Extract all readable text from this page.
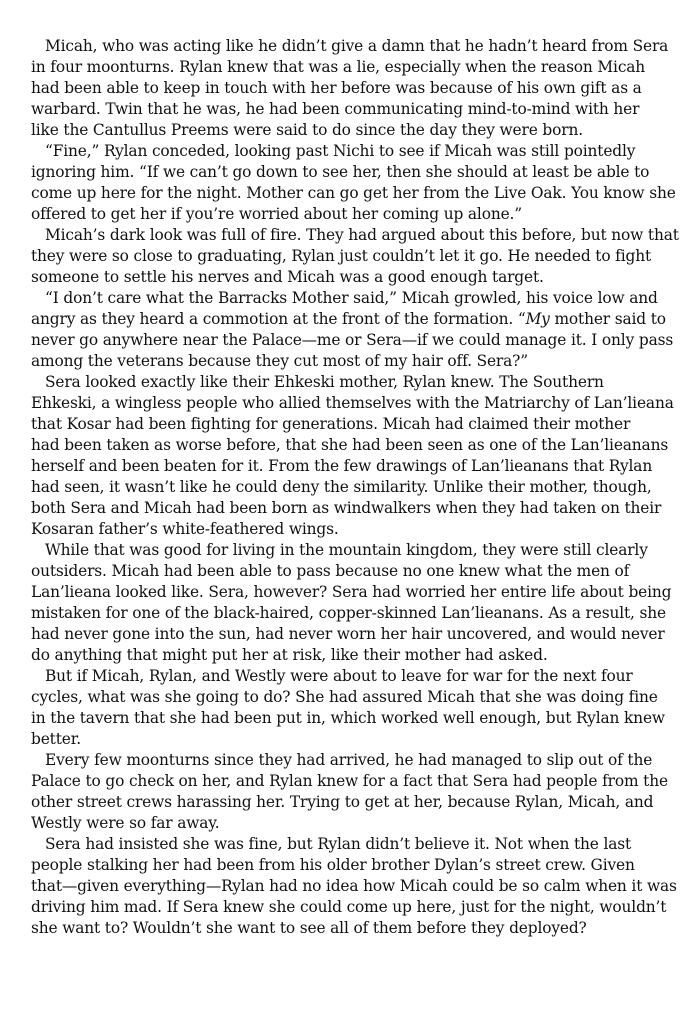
Micah, who was acting like he didn’t give a damn that he hadn’t heard from Sera
in four moonturns. Rylan knew that was a lie, especially when the reason Micah
had been able to keep in touch with her before was because of his own gift as a
warbard. Twin that he was, he had been communicating mind-to-mind with her
like the Cantullus Preems were said to do since the day they were born.

“Fine,” Rylan conceded, looking past Nichi to see if Micah was still pointedly
ignoring him. “If we can’t go down to see her, then she should at least be able to
come up here for the night. Mother can go get her from the Live Oak. You know she
offered to get her if you’re worried about her coming up alone.”

Micah’s dark look was full of fire. They had argued about this before, but now that
they were so close to graduating, Rylan just couldn’t let it go. He needed to fight
someone to settle his nerves and Micah was a good enough target.

“I don’t care what the Barracks Mother said,” Micah growled, his voice low and
angry as they heard a commotion at the front of the formation. “My mother said to
never go anywhere near the Palace—me or Sera—if we could manage it. I only pass
among the veterans because they cut most of my hair off. Sera?”

Sera looked exactly like their Ehkeski mother, Rylan knew. The Southern
Ehkeski, a wingless people who allied themselves with the Matriarchy of Lan’lieana
that Kosar had been fighting for generations. Micah had claimed their mother
had been taken as worse before, that she had been seen as one of the Lan’lieanans
herself and been beaten for it. From the few drawings of Lan’lieanans that Rylan
had seen, it wasn’t like he could deny the similarity. Unlike their mother, though,
both Sera and Micah had been born as windwalkers when they had taken on their
Kosaran father’s white-feathered wings.

While that was good for living in the mountain kingdom, they were still clearly
outsiders. Micah had been able to pass because no one knew what the men of
Lan’lieana looked like. Sera, however? Sera had worried her entire life about being
mistaken for one of the black-haired, copper-skinned Lan’lieanans. As a result, she
had never gone into the sun, had never worn her hair uncovered, and would never
do anything that might put her at risk, like their mother had asked.

But if Micah, Rylan, and Westly were about to leave for war for the next four
cycles, what was she going to do? She had assured Micah that she was doing fine
in the tavern that she had been put in, which worked well enough, but Rylan knew
better.

Every few moonturns since they had arrived, he had managed to slip out of the
Palace to go check on her, and Rylan knew for a fact that Sera had people from the
other street crews harassing her. Trying to get at her, because Rylan, Micah, and
Westly were so far away.

Sera had insisted she was fine, but Rylan didn’t believe it. Not when the last
people stalking her had been from his older brother Dylan’s street crew. Given
that—given everything—Rylan had no idea how Micah could be so calm when it was
driving him mad. If Sera knew she could come up here, just for the night, wouldn’t
she want to? Wouldn’t she want to see all of them before they deployed?
